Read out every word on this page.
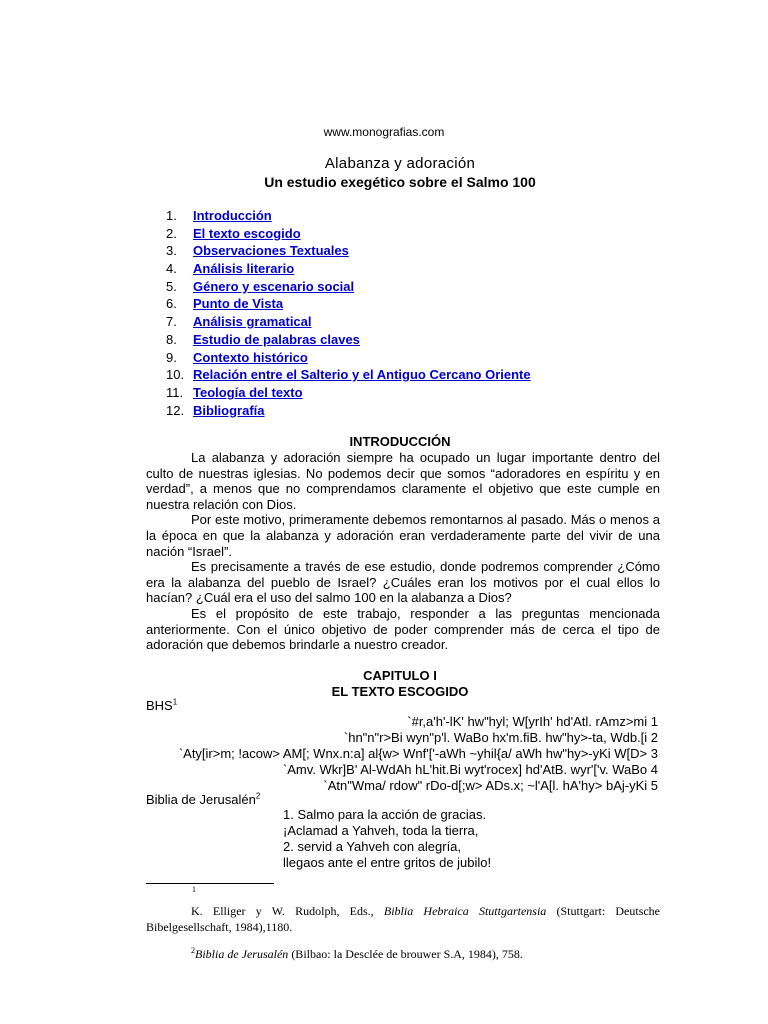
www.monografias.com
Alabanza y adoración
Un estudio exegético sobre el Salmo 100
1. Introducción
2. El texto escogido
3. Observaciones Textuales
4. Análisis literario
5. Género y escenario social
6. Punto de Vista
7. Análisis gramatical
8. Estudio de palabras claves
9. Contexto histórico
10. Relación entre el Salterio y el Antiguo Cercano Oriente
11. Teología del texto
12. Bibliografía
INTRODUCCIÓN

La alabanza y adoración siempre ha ocupado un lugar importante dentro del culto de nuestras iglesias. No podemos decir que somos “adoradores en espíritu y en verdad”, a menos que no comprendamos claramente el objetivo que este cumple en nuestra relación con Dios.

Por este motivo, primeramente debemos remontarnos al pasado. Más o menos a la época en que la alabanza y adoración eran verdaderamente parte del vivir de una nación “Israel”.

Es precisamente a través de ese estudio, donde podremos comprender ¿Cómo era la alabanza del pueblo de Israel? ¿Cuáles eran los motivos por el cual ellos lo hacían? ¿Cuál era el uso del salmo 100 en la alabanza a Dios?

Es el propósito de este trabajo, responder a las preguntas mencionada anteriormente. Con el único objetivo de poder comprender más de cerca el tipo de adoración que debemos brindarle a nuestro creador.

CAPITULO I
EL TEXTO ESCOGIDO
BHS$^1$
`#r,a'h'-lK' hw"hyl; W[yrIh' hd'Atl. rAmz>mi 1
`hn"n"r>Bi wyn"p'l. WaBo hx'm.fiB. hw"hy>-ta, Wdb.[i 2
`Aty[ir>m; !acow> AM[; Wnx.n:a] al{w> Wnf'['-aWh ~yhil{a/ aWh hw"hy>-yKi W[D> 3
`Amv. Wkr]B' Al-WdAh hL'hit.Bi wyt'rocex] hd'AtB. wyr'['v. WaBo 4
`Atn"Wma/ rdow" rDo-d[;w> ADs.x; ~l'A[l. hA'hy> bAj-yKi 5
Biblia de Jerusalén$^2$
1. Salmo para la acción de gracias.
¡Aclamad a Yahveh, toda la tierra,
2. servid a Yahveh con alegría,
llegaos ante el entre gritos de jubilo!
1

K. Elliger y W. Rudolph, Eds., Biblia Hebraica Stuttgartensia (Stuttgart: Deutsche Bibelgesellschaft, 1984),1180.

$^2$Biblia de Jerusalén (Bilbao: la Desclée de brouwer S.A, 1984), 758.
